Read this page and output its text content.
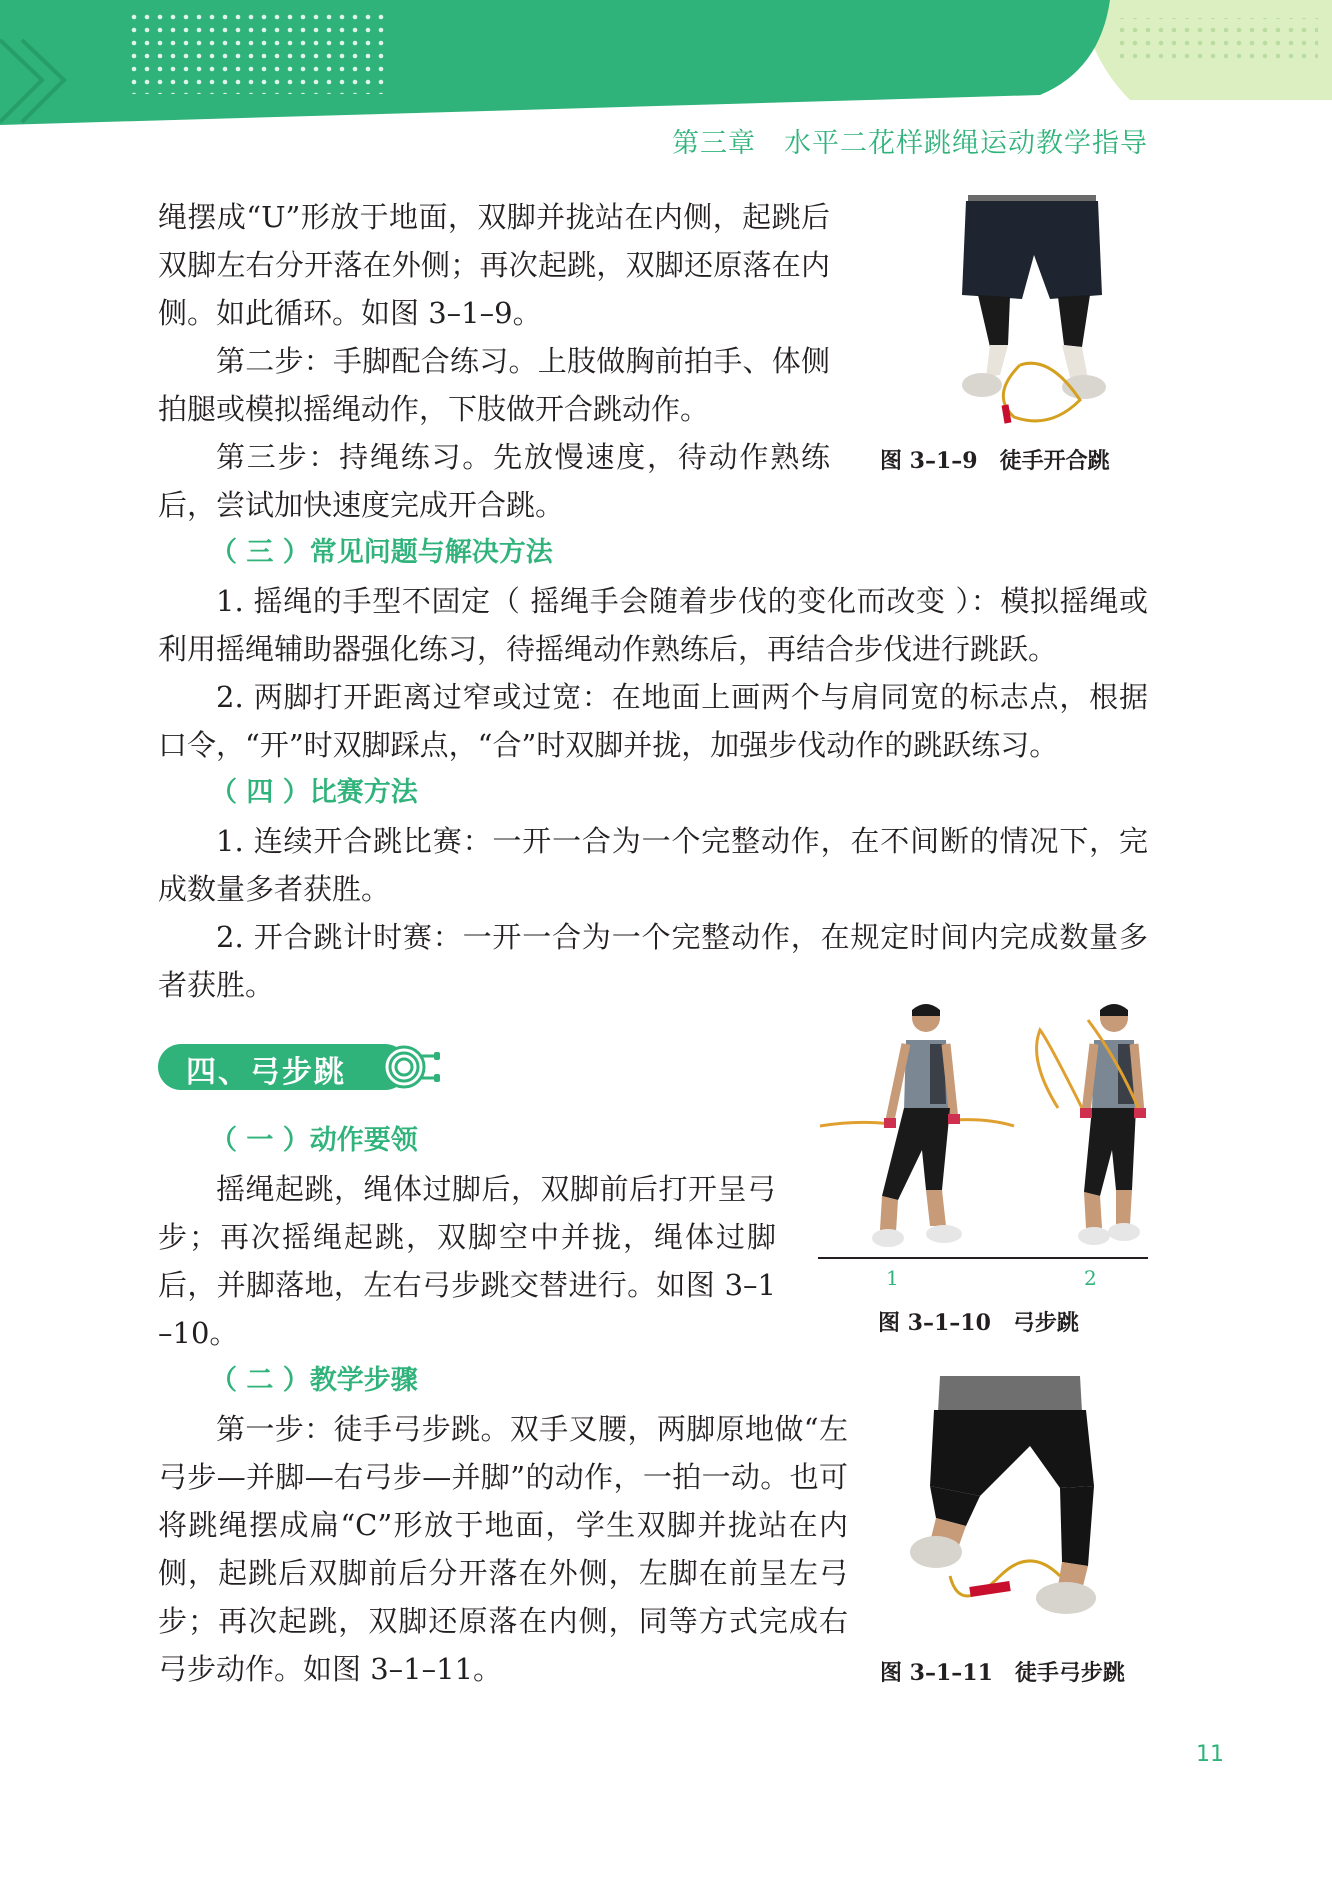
第三章　水平二花样跳绳运动教学指导

绳摆成“U”形放于地面，双脚并拢站在内侧，起跳后双脚左右分开落在外侧；再次起跳，双脚还原落在内侧。如此循环。如图 3–1–9。

第二步：手脚配合练习。上肢做胸前拍手、体侧拍腿或模拟摇绳动作，下肢做开合跳动作。

第三步：持绳练习。先放慢速度，待动作熟练后，尝试加快速度完成开合跳。

图 3–1–9　徒手开合跳

（ 三 ）常见问题与解决方法

1. 摇绳的手型不固定（ 摇绳手会随着步伐的变化而改变 ）：模拟摇绳或利用摇绳辅助器强化练习，待摇绳动作熟练后，再结合步伐进行跳跃。

2. 两脚打开距离过窄或过宽：在地面上画两个与肩同宽的标志点，根据口令，“开”时双脚踩点，“合”时双脚并拢，加强步伐动作的跳跃练习。

（ 四 ）比赛方法

1. 连续开合跳比赛：一开一合为一个完整动作，在不间断的情况下，完成数量多者获胜。

2. 开合跳计时赛：一开一合为一个完整动作，在规定时间内完成数量多者获胜。

四、弓步跳

（ 一 ）动作要领

摇绳起跳，绳体过脚后，双脚前后打开呈弓步；再次摇绳起跳，双脚空中并拢，绳体过脚后，并脚落地，左右弓步跳交替进行。如图 3–1–10。

（ 二 ）教学步骤

第一步：徒手弓步跳。双手叉腰，两脚原地做“左弓步—并脚—右弓步—并脚”的动作，一拍一动。也可将跳绳摆成扁“C”形放于地面，学生双脚并拢站在内侧，起跳后双脚前后分开落在外侧，左脚在前呈左弓步；再次起跳，双脚还原落在内侧，同等方式完成右弓步动作。如图 3–1–11。

1	2

图 3–1–10　弓步跳

图 3–1–11　徒手弓步跳

11
